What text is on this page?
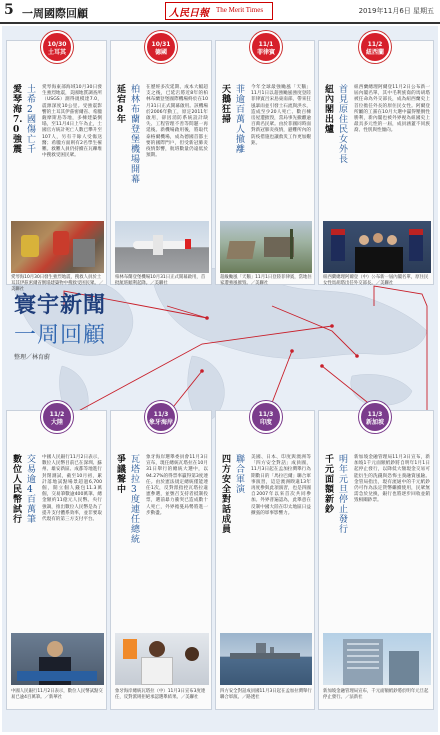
5 一周國際回顧	人民日報 The Merit Times	2019年11月6日 星期五
寰宇新聞
一周回顧
整理／林育蔚
10/30
土耳其
愛琴海7.0強震
土希2國傷亡千
愛琴海東部海域10月30日發生強烈地震，美國地質調查所（USGS）測得規模達7.0，震源深度10公里。受強震影響的土耳其伊茲密爾省、希臘薩摩斯島等地，多棟建築倒塌，至11月4日上午為止，土國官方統計死亡人數已攀升至107人，另有千餘人受傷送醫；希臘方面則有2名學生罹難。救難人員仍持續在瓦礫堆中搜救受困民眾。
愛琴海10月30日發生強烈地震，搜救人員於土耳其伊茲密爾省倒塌建築物中搜救受困民眾。／美聯社
10/31
德國
延宕8年
柏林布蘭登堡機場開幕
在歷經多次延期、成本大幅超支之後，已延宕將近8年的柏林布蘭登堡國際機場終於在10月31日正式開幕啟用。該機場於2006年動工，原定2011年啟用，卻因消防系統設計缺失、工程管理不善等問題一再延後。新機場啟用後，將取代泰格爾機場，成為德國首都主要的國際門戶，但受新冠肺炎疫情影響，航班數量仍遠低於預期。
柏林布蘭登堡機場10月31日正式開幕啟用，首批航班順利起降。／美聯社
11/1
菲律賓
天鵝狂掃
菲逾百萬人撤離
今年全球最強颱風「天鵝」11月1日以超強颱風強度登陸菲律賓呂宋島東南部，帶來狂風暴雨並引發土石流與洪水，造成至少20人死亡、數百棟房屋遭摧毀，當局事先撤離逾百萬名民眾。由於菲國同時面對新冠肺炎疫情，避難所內的防疫措施也讓救災工作更加艱鉅。
超級颱風「天鵝」11月1日登陸菲律賓，當地住家遭強風摧毀。／美聯社
11/2
紐西蘭
紐內閣出爐
首見原住民女外長
紐西蘭總理阿爾登11月2日公布新一屆內閣名單，其中毛利族裔的馬胡塔被任命為外交部長，成為紐西蘭史上首位擔任外長的原住民女性。阿爾登所屬的工黨在10月大選中贏得壓倒性勝利，新內閣也被外界視為紐國史上最具多元性的一屆，成員涵蓋不同族裔、性別與性傾向。
紐西蘭總理阿爾登（中）公布新一屆內閣名單，原住民女性馬胡塔出任外交部長。／美聯社
11/2
大陸
數位人民幣試行
交易逾4百萬筆
中國人民銀行11月2日表示，數位人民幣目前已在深圳、蘇州、雄安新區、成都等地進行封閉測試，截至10月初，累計落地試點場景超過6,700個，開立個人錢包11.3萬個，交易筆數逾400萬筆、總金額約11億元人民幣。央行強調，推出數位人民幣是為了提升支付體系效率，並非要取代現有的第三方支付平台。
中國人民銀行11月2日表示，數位人民幣試點交易已逾4百萬筆。／新華社
11/3
象牙海岸
爭議聲中
瓦塔拉3度連任總統
象牙海岸選舉委員會11月3日宣布，現任總統瓦塔拉在10月31日舉行的總統大選中，以94.27%的得票率贏得第3度連任。由於憲法規定總統僅能連任1次，反對派指控瓦塔拉違憲參選，並號召支持者抵制投票，選前暴力衝突已造成數十人死亡，外界擔憂局勢將進一步動盪。
象牙海岸總統瓦塔拉（中）11月3日宣布3度連任，反對派則拒絕承認選舉結果。／美聯社
11/3
印度
四方安全對話成員
聯合軍演
美國、日本、印度與澳洲等「四方安全對話」成員國，11月3日起在孟加拉灣舉行為期數日的「馬拉巴爾」聯合軍事演習，這是澳洲睽違13年再度參與此項演習，也是四國自2007年以來首次共同參加。外界普遍認為，此舉意在反制中國大陸在印太地區日益擴張的軍事影響力。
四方安全對話成員國11月3日起在孟加拉灣舉行聯合軍演。／路透社
11/3
新加坡
千元面額新鈔
明年元旦停止發行
新加坡金融管理局11月3日宣布，新加坡1千元面額紙鈔將自明年1月1日起停止發行，以降低大額現金交易可能衍生的洗錢與恐怖主義融資風險。金管局指出，現有流通中的千元紙鈔仍可作為法定貨幣繼續使用，民眾無需急於兌換，銀行也將逐步回收並銷毀相關鈔票。
新加坡金融管理局宣布，千元面額紙鈔將於明年元旦起停止發行。／法新社
